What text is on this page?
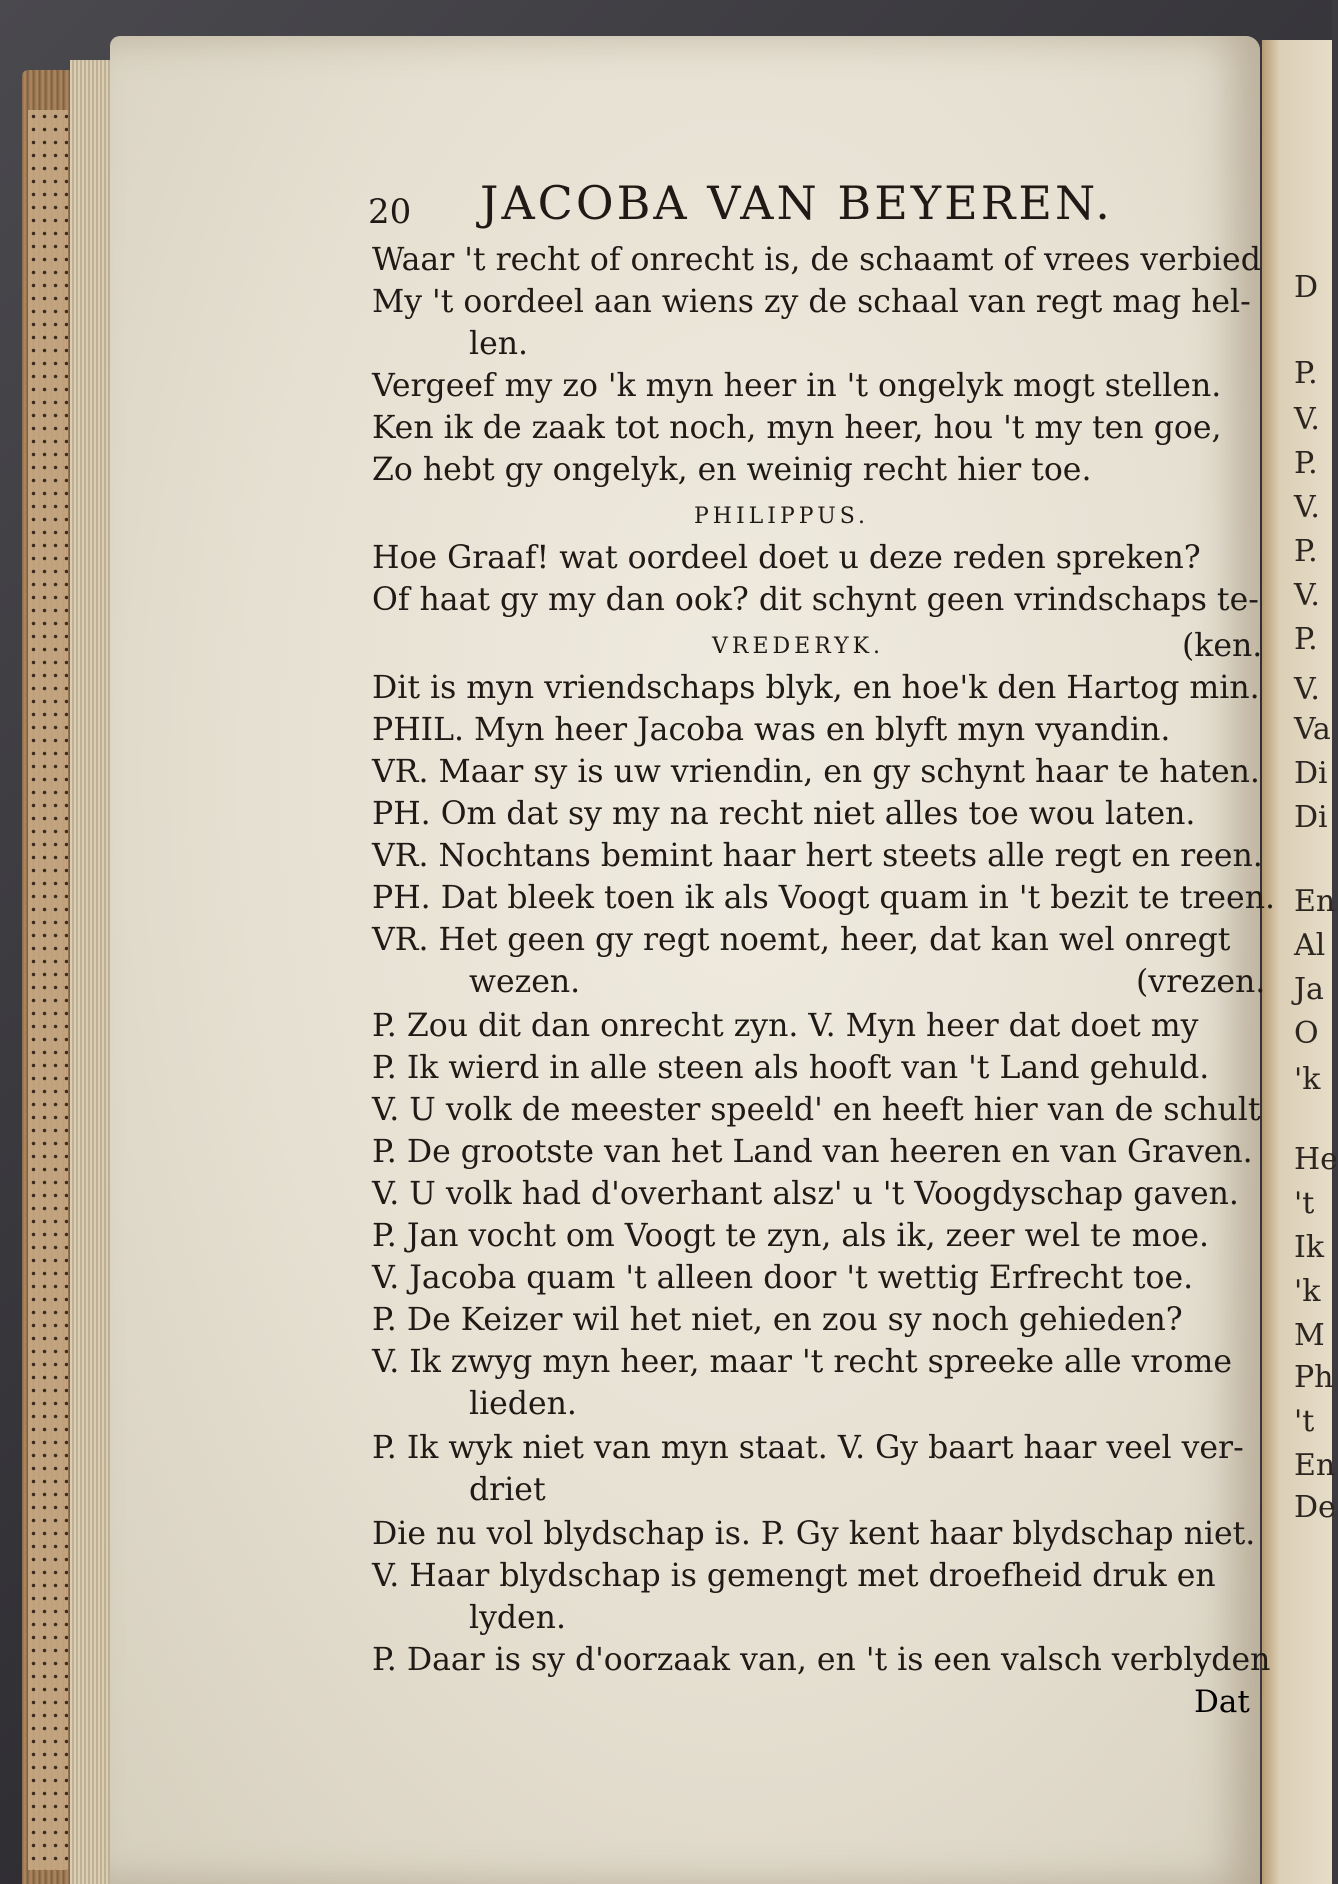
D
P.
V.
P.
V.
P.
V.
P.
V.
Va
Di
Di
En
Al
Ja
O
'k
He
't
Ik
'k
M
Ph
't
En
De
20 JACOBA VAN BEYEREN.
Waar 't recht of onrecht is, de schaamt of vrees verbied
My 't oordeel aan wiens zy de schaal van regt mag hel-
len.
Vergeef my zo 'k myn heer in 't ongelyk mogt stellen.
Ken ik de zaak tot noch, myn heer, hou 't my ten goe,
Zo hebt gy ongelyk, en weinig recht hier toe.
PHILIPPUS.
Hoe Graaf! wat oordeel doet u deze reden spreken?
Of haat gy my dan ook? dit schynt geen vrindschaps te-
VREDERYK.	(ken.
Dit is myn vriendschaps blyk, en hoe'k den Hartog min.
PHIL. Myn heer Jacoba was en blyft myn vyandin.
VR. Maar sy is uw vriendin, en gy schynt haar te haten.
PH. Om dat sy my na recht niet alles toe wou laten.
VR. Nochtans bemint haar hert steets alle regt en reen.
PH. Dat bleek toen ik als Voogt quam in 't bezit te treen.
VR. Het geen gy regt noemt, heer, dat kan wel onregt
wezen.	(vrezen.
P. Zou dit dan onrecht zyn. V. Myn heer dat doet my
P. Ik wierd in alle steen als hooft van 't Land gehuld.
V. U volk de meester speeld' en heeft hier van de schult
P. De grootste van het Land van heeren en van Graven.
V. U volk had d'overhant alsz' u 't Voogdyschap gaven.
P. Jan vocht om Voogt te zyn, als ik, zeer wel te moe.
V. Jacoba quam 't alleen door 't wettig Erfrecht toe.
P. De Keizer wil het niet, en zou sy noch gehieden?
V. Ik zwyg myn heer, maar 't recht spreeke alle vrome
lieden.
P. Ik wyk niet van myn staat. V. Gy baart haar veel ver-
driet
Die nu vol blydschap is. P. Gy kent haar blydschap niet.
V. Haar blydschap is gemengt met droefheid druk en
lyden.
P. Daar is sy d'oorzaak van, en 't is een valsch verblyden
Dat
